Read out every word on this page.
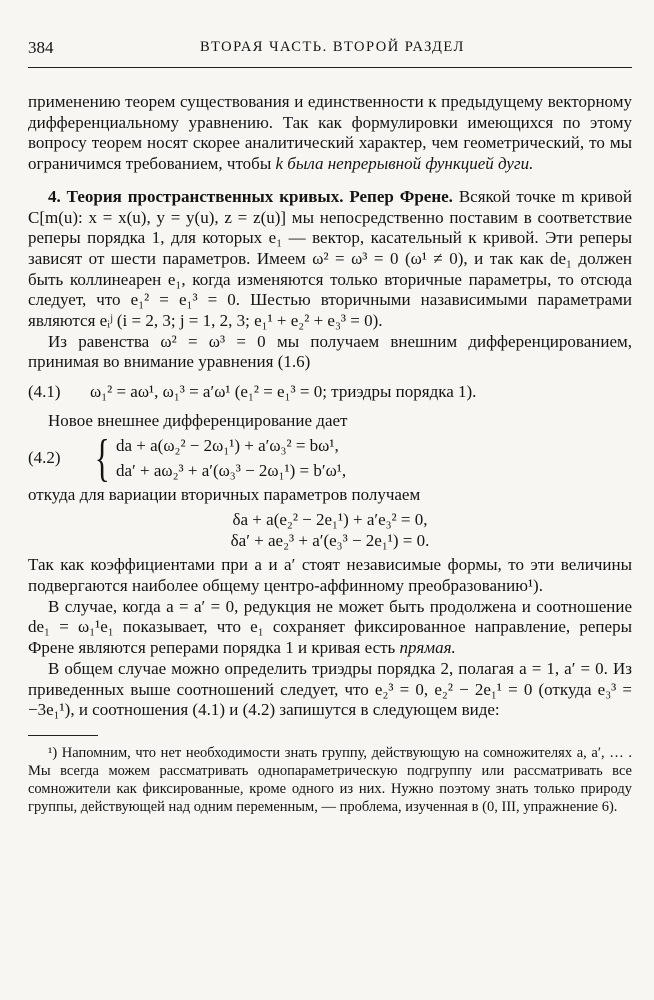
384	ВТОРАЯ ЧАСТЬ. ВТОРОЙ РАЗДЕЛ

применению теорем существования и единственности к предыдущему векторному дифференциальному уравнению. Так как формулировки имеющихся по этому вопросу теорем носят скорее аналитический характер, чем геометрический, то мы ограничимся требованием, чтобы k была непрерывной функцией дуги.

4. Теория пространственных кривых. Репер Френе. Всякой точке m кривой C[m(u): x = x(u), y = y(u), z = z(u)] мы непосредственно поставим в соответствие реперы порядка 1, для которых e₁ — вектор, касательный к кривой. Эти реперы зависят от шести параметров. Имеем ω² = ω³ = 0 (ω¹ ≠ 0), и так как de₁ должен быть коллинеарен e₁, когда изменяются только вторичные параметры, то отсюда следует, что e₁² = e₁³ = 0. Шестью вторичными назависимыми параметрами являются eᵢʲ (i = 2, 3; j = 1, 2, 3; e₁¹ + e₂² + e₃³ = 0).

Из равенства ω² = ω³ = 0 мы получаем внешним дифференцированием, принимая во внимание уравнения (1.6)

(4.1)	ω₁² = aω¹, ω₁³ = a′ω¹ (e₁² = e₁³ = 0; триэдры порядка 1).

Новое внешнее дифференцирование дает

(4.2) { da + a(ω₂² − 2ω₁¹) + a′ω₃² = bω¹,
da′ + aω₂³ + a′(ω₃³ − 2ω₁¹) = b′ω¹,

откуда для вариации вторичных параметров получаем

δa + a(e₂² − 2e₁¹) + a′e₃² = 0,
δa′ + ae₂³ + a′(e₃³ − 2e₁¹) = 0.

Так как коэффициентами при a и a′ стоят независимые формы, то эти величины подвергаются наиболее общему центро-аффинному преобразованию¹).

В случае, когда a = a′ = 0, редукция не может быть продолжена и соотношение de₁ = ω₁¹e₁ показывает, что e₁ сохраняет фиксированное направление, реперы Френе являются реперами порядка 1 и кривая есть прямая.

В общем случае можно определить триэдры порядка 2, полагая a = 1, a′ = 0. Из приведенных выше соотношений следует, что e₂³ = 0, e₂² − 2e₁¹ = 0 (откуда e₃³ = −3e₁¹), и соотношения (4.1) и (4.2) запишутся в следующем виде:

¹) Напомним, что нет необходимости знать группу, действующую на сомножителях a, a′, … . Мы всегда можем рассматривать однопараметрическую подгруппу или рассматривать все сомножители как фиксированные, кроме одного из них. Нужно поэтому знать только природу группы, действующей над одним переменным, — проблема, изученная в (0, III, упражнение 6).
